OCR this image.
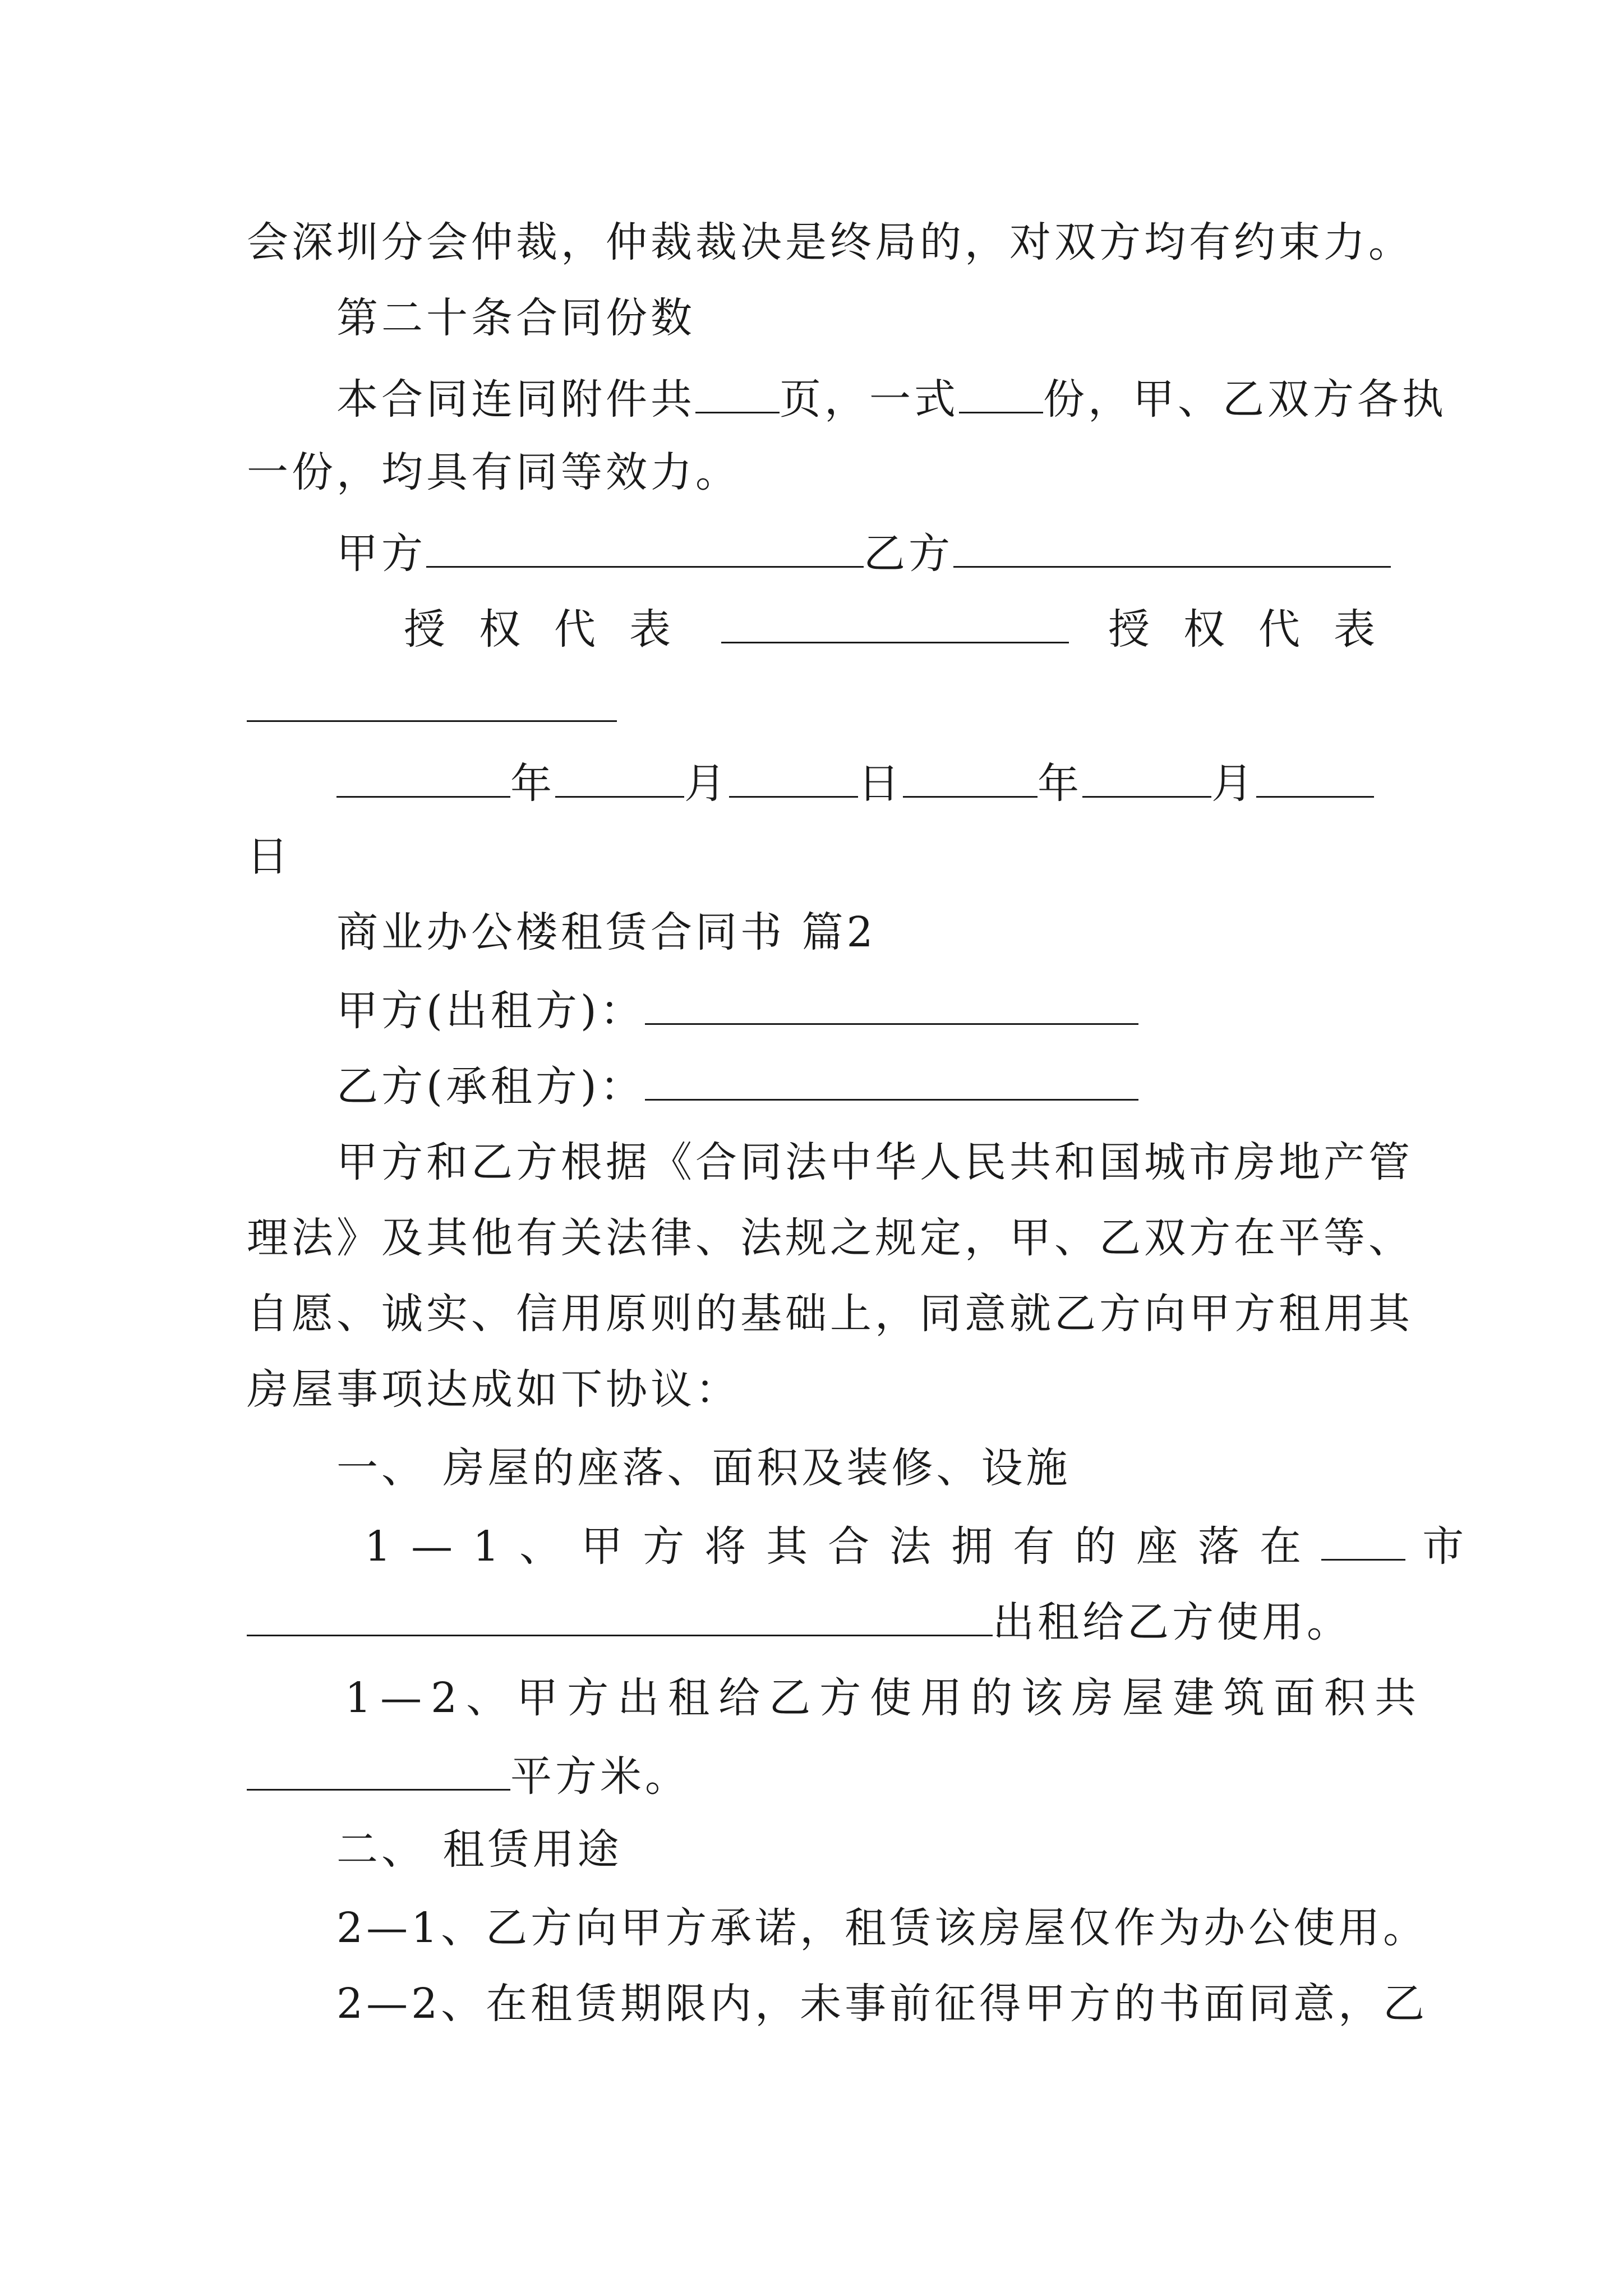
会深圳分会仲裁，仲裁裁决是终局的，对双方均有约束力。
第二十条合同份数
本合同连同附件共 页，一式 份，甲、乙双方各执
一份，均具有同等效力。
甲方	乙方
授权代表	授权代表
年	月	日	年	月
日
商业办公楼租赁合同书 篇2
甲方(出租方)：
乙方(承租方)：
甲方和乙方根据《合同法中华人民共和国城市房地产管
理法》及其他有关法律、法规之规定，甲、乙双方在平等、
自愿、诚实、信用原则的基础上，同意就乙方向甲方租用其
房屋事项达成如下协议：
一、 房屋的座落、面积及装修、设施
1—1、甲方将其合法拥有的座落在 市
出租给乙方使用。
1—2、甲方出租给乙方使用的该房屋建筑面积共
平方米。
二、 租赁用途
2—1、乙方向甲方承诺，租赁该房屋仅作为办公使用。
2—2、在租赁期限内，未事前征得甲方的书面同意，乙
